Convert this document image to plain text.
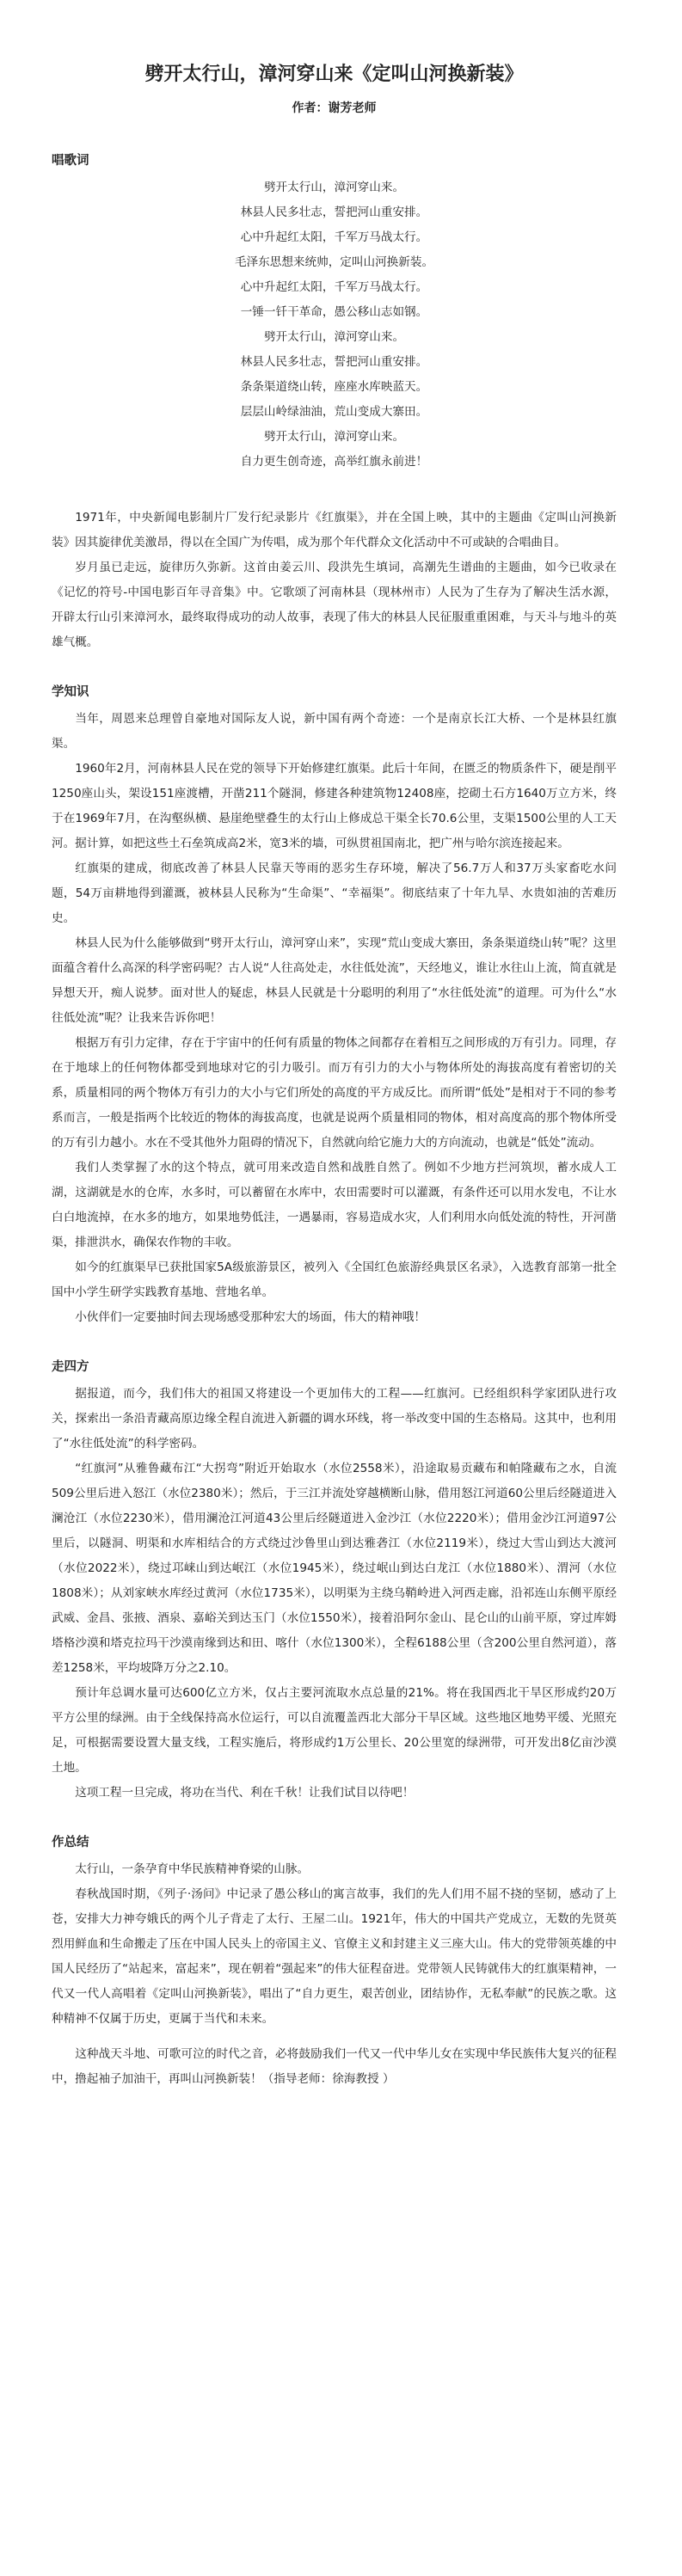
劈开太行山，漳河穿山来《定叫山河换新装》
作者：谢芳老师
唱歌词
劈开太行山，漳河穿山来。
林县人民多壮志，誓把河山重安排。
心中升起红太阳，千军万马战太行。
毛泽东思想来统帅，定叫山河换新装。
心中升起红太阳，千军万马战太行。
一锤一钎干革命，愚公移山志如钢。
劈开太行山，漳河穿山来。
林县人民多壮志，誓把河山重安排。
条条渠道绕山转，座座水库映蓝天。
层层山岭绿油油，荒山变成大寨田。
劈开太行山，漳河穿山来。
自力更生创奇迹，高举红旗永前进！

1971年，中央新闻电影制片厂发行纪录影片《红旗渠》，并在全国上映，其中的主题曲《定叫山河换新装》因其旋律优美激昂，得以在全国广为传唱，成为那个年代群众文化活动中不可或缺的合唱曲目。

岁月虽已走远，旋律历久弥新。这首由姜云川、段洪先生填词，高潮先生谱曲的主题曲，如今已收录在《记忆的符号-中国电影百年寻音集》中。它歌颂了河南林县（现林州市）人民为了生存为了解决生活水源，开辟太行山引来漳河水，最终取得成功的动人故事，表现了伟大的林县人民征服重重困难，与天斗与地斗的英雄气概。

学知识

当年，周恩来总理曾自豪地对国际友人说，新中国有两个奇迹：一个是南京长江大桥、一个是林县红旗渠。

1960年2月，河南林县人民在党的领导下开始修建红旗渠。此后十年间，在匮乏的物质条件下，硬是削平1250座山头，架设151座渡槽，开凿211个隧洞，修建各种建筑物12408座，挖砌土石方1640万立方米，终于在1969年7月，在沟壑纵横、悬崖绝壁叠生的太行山上修成总干渠全长70.6公里，支渠1500公里的人工天河。据计算，如把这些土石垒筑成高2米，宽3米的墙，可纵贯祖国南北，把广州与哈尔滨连接起来。

红旗渠的建成，彻底改善了林县人民靠天等雨的恶劣生存环境，解决了56.7万人和37万头家畜吃水问题，54万亩耕地得到灌溉，被林县人民称为“生命渠”、“幸福渠”。彻底结束了十年九旱、水贵如油的苦难历史。

林县人民为什么能够做到“劈开太行山，漳河穿山来”，实现“荒山变成大寨田，条条渠道绕山转”呢？这里面蕴含着什么高深的科学密码呢？古人说“人往高处走，水往低处流”，天经地义，谁让水往山上流，简直就是异想天开，痴人说梦。面对世人的疑虑，林县人民就是十分聪明的利用了“水往低处流”的道理。可为什么“水往低处流”呢？让我来告诉你吧！

根据万有引力定律，存在于宇宙中的任何有质量的物体之间都存在着相互之间形成的万有引力。同理，存在于地球上的任何物体都受到地球对它的引力吸引。而万有引力的大小与物体所处的海拔高度有着密切的关系，质量相同的两个物体万有引力的大小与它们所处的高度的平方成反比。而所谓“低处”是相对于不同的参考系而言，一般是指两个比较近的物体的海拔高度，也就是说两个质量相同的物体，相对高度高的那个物体所受的万有引力越小。水在不受其他外力阻碍的情况下，自然就向给它施力大的方向流动，也就是“低处”流动。

我们人类掌握了水的这个特点，就可用来改造自然和战胜自然了。例如不少地方拦河筑坝，蓄水成人工湖，这湖就是水的仓库，水多时，可以蓄留在水库中，农田需要时可以灌溉，有条件还可以用水发电，不让水白白地流掉，在水多的地方，如果地势低洼，一遇暴雨，容易造成水灾，人们利用水向低处流的特性，开河凿渠，排泄洪水，确保农作物的丰收。

如今的红旗渠早已获批国家5A级旅游景区，被列入《全国红色旅游经典景区名录》，入选教育部第一批全国中小学生研学实践教育基地、营地名单。

小伙伴们一定要抽时间去现场感受那种宏大的场面，伟大的精神哦！

走四方

据报道，而今，我们伟大的祖国又将建设一个更加伟大的工程——红旗河。已经组织科学家团队进行攻关，探索出一条沿青藏高原边缘全程自流进入新疆的调水环线，将一举改变中国的生态格局。这其中，也利用了“水往低处流”的科学密码。

“红旗河”从雅鲁藏布江“大拐弯”附近开始取水（水位2558米），沿途取易贡藏布和帕隆藏布之水，自流509公里后进入怒江（水位2380米）；然后，于三江并流处穿越横断山脉，借用怒江河道60公里后经隧道进入澜沧江（水位2230米），借用澜沧江河道43公里后经隧道进入金沙江（水位2220米）；借用金沙江河道97公里后，以隧洞、明渠和水库相结合的方式绕过沙鲁里山到达雅砻江（水位2119米），绕过大雪山到达大渡河（水位2022米），绕过邛崃山到达岷江（水位1945米），绕过岷山到达白龙江（水位1880米）、渭河（水位1808米）；从刘家峡水库经过黄河（水位1735米），以明渠为主绕乌鞘岭进入河西走廊，沿祁连山东侧平原经武威、金昌、张掖、酒泉、嘉峪关到达玉门（水位1550米），接着沿阿尔金山、昆仑山的山前平原，穿过库姆塔格沙漠和塔克拉玛干沙漠南缘到达和田、喀什（水位1300米），全程6188公里（含200公里自然河道），落差1258米，平均坡降万分之2.10。

预计年总调水量可达600亿立方米，仅占主要河流取水点总量的21%。将在我国西北干旱区形成约20万平方公里的绿洲。由于全线保持高水位运行，可以自流覆盖西北大部分干旱区域。这些地区地势平缓、光照充足，可根据需要设置大量支线，工程实施后，将形成约1万公里长、20公里宽的绿洲带，可开发出8亿亩沙漠土地。

这项工程一旦完成，将功在当代、利在千秋！让我们试目以待吧！

作总结

太行山，一条孕育中华民族精神脊梁的山脉。

春秋战国时期，《列子·汤问》中记录了愚公移山的寓言故事，我们的先人们用不屈不挠的坚韧，感动了上苍，安排大力神夸娥氏的两个儿子背走了太行、王屋二山。1921年，伟大的中国共产党成立，无数的先贤英烈用鲜血和生命搬走了压在中国人民头上的帝国主义、官僚主义和封建主义三座大山。伟大的党带领英雄的中国人民经历了“站起来，富起来”，现在朝着“强起来”的伟大征程奋进。党带领人民铸就伟大的红旗渠精神，一代又一代人高唱着《定叫山河换新装》，唱出了“自力更生，艰苦创业，团结协作，无私奉献”的民族之歌。这种精神不仅属于历史，更属于当代和未来。

这种战天斗地、可歌可泣的时代之音，必将鼓励我们一代又一代中华儿女在实现中华民族伟大复兴的征程中，撸起袖子加油干，再叫山河换新装！（指导老师：徐海教授 ）
